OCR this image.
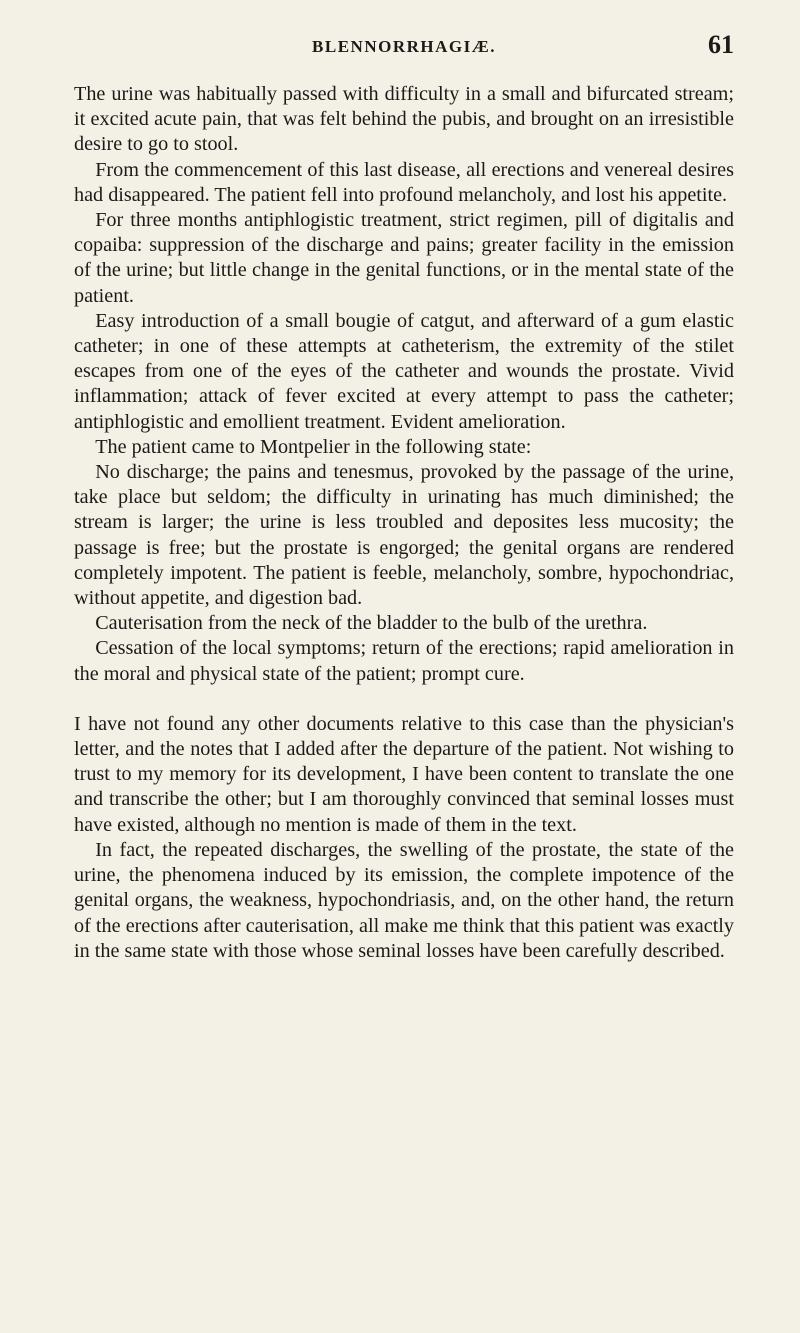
BLENNORRHAGIÆ.	61

The urine was habitually passed with difficulty in a small and bifurcated stream; it excited acute pain, that was felt behind the pubis, and brought on an irresistible desire to go to stool.

From the commencement of this last disease, all erections and venereal desires had disappeared. The patient fell into profound melancholy, and lost his appetite.

For three months antiphlogistic treatment, strict regimen, pill of digitalis and copaiba: suppression of the discharge and pains; greater facility in the emission of the urine; but little change in the genital functions, or in the mental state of the patient.

Easy introduction of a small bougie of catgut, and afterward of a gum elastic catheter; in one of these attempts at catheterism, the extremity of the stilet escapes from one of the eyes of the catheter and wounds the prostate. Vivid inflammation; attack of fever excited at every attempt to pass the catheter; antiphlogistic and emollient treatment. Evident amelioration.

The patient came to Montpelier in the following state:

No discharge; the pains and tenesmus, provoked by the passage of the urine, take place but seldom; the difficulty in urinating has much diminished; the stream is larger; the urine is less troubled and deposites less mucosity; the passage is free; but the prostate is engorged; the genital organs are rendered completely impotent. The patient is feeble, melancholy, sombre, hypochondriac, without appetite, and digestion bad.

Cauterisation from the neck of the bladder to the bulb of the urethra.

Cessation of the local symptoms; return of the erections; rapid amelioration in the moral and physical state of the patient; prompt cure.

I have not found any other documents relative to this case than the physician's letter, and the notes that I added after the departure of the patient. Not wishing to trust to my memory for its development, I have been content to translate the one and transcribe the other; but I am thoroughly convinced that seminal losses must have existed, although no mention is made of them in the text.

In fact, the repeated discharges, the swelling of the prostate, the state of the urine, the phenomena induced by its emission, the complete impotence of the genital organs, the weakness, hypochondriasis, and, on the other hand, the return of the erections after cauterisation, all make me think that this patient was exactly in the same state with those whose seminal losses have been carefully described.
